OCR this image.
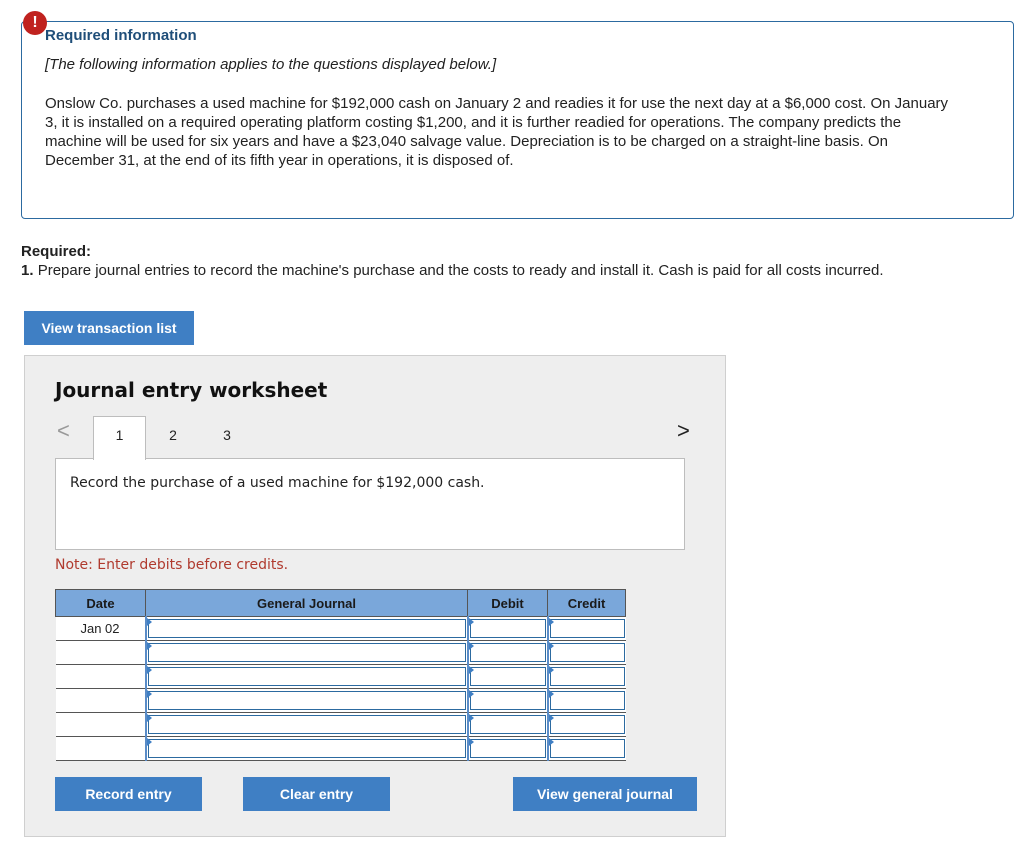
!
Required information
[The following information applies to the questions displayed below.]
Onslow Co. purchases a used machine for $192,000 cash on January 2 and readies it for use the next day at a $6,000 cost. On January 3, it is installed on a required operating platform costing $1,200, and it is further readied for operations. The company predicts the machine will be used for six years and have a $23,040 salvage value. Depreciation is to be charged on a straight-line basis. On December 31, at the end of its fifth year in operations, it is disposed of.
Required:
1. Prepare journal entries to record the machine's purchase and the costs to ready and install it. Cash is paid for all costs incurred.
View transaction list
Journal entry worksheet
<	1	2	3	>
Record the purchase of a used machine for $192,000 cash.
Note: Enter debits before credits.
Date	General Journal	Debit	Credit
Jan 02	

Record entry	Clear entry	View general journal
